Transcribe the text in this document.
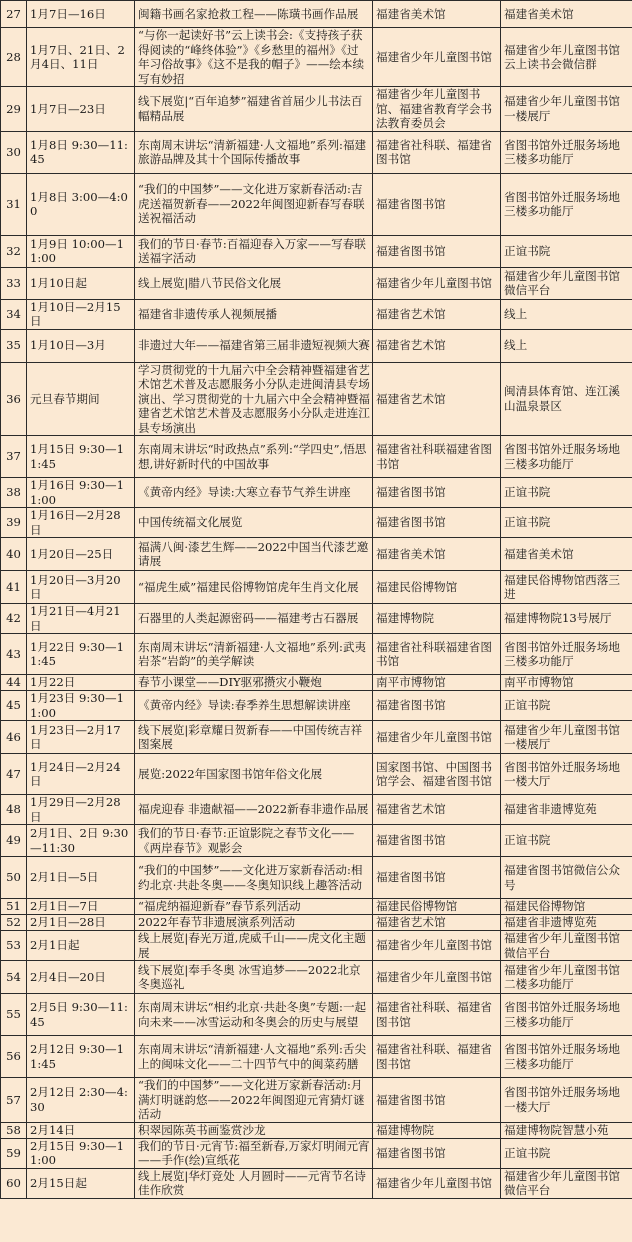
27	1月7日—16日	闽籍书画名家抢救工程——陈璜书画作品展	福建省美术馆	福建省美术馆
28	1月7日、21日、2月4日、11日	“与你一起读好书”云上读书会:《支持孩子获得阅读的“峰终体验”》《乡愁里的福州》《过年习俗故事》《这不是我的帽子》——绘本续写有妙招	福建省少年儿童图书馆	福建省少年儿童图书馆云上读书会微信群
29	1月7日—23日	线下展览|“百年追梦”福建省首届少儿书法百幅精品展	福建省少年儿童图书馆、福建省教育学会书法教育委员会	福建省少年儿童图书馆一楼展厅
30	1月8日 9:30—11:45	东南周末讲坛“清新福建·人文福地”系列:福建旅游品牌及其十个国际传播故事	福建省社科联、福建省图书馆	省图书馆外迁服务场地三楼多功能厅
31	1月8日 3:00—4:00	“我们的中国梦”——文化进万家新春活动:吉虎送福贺新春——2022年闽图迎新春写春联送祝福活动	福建省图书馆	省图书馆外迁服务场地三楼多功能厅
32	1月9日 10:00—11:00	我们的节日·春节:百福迎春入万家——写春联送福字活动	福建省图书馆	正谊书院
33	1月10日起	线上展览|腊八节民俗文化展	福建省少年儿童图书馆	福建省少年儿童图书馆微信平台
34	1月10日—2月15日	福建省非遗传承人视频展播	福建省艺术馆	线上
35	1月10日—3月	非遗过大年——福建省第三届非遗短视频大赛	福建省艺术馆	线上
36	元旦春节期间	学习贯彻党的十九届六中全会精神暨福建省艺术馆艺术普及志愿服务小分队走进闽清县专场演出、学习贯彻党的十九届六中全会精神暨福建省艺术馆艺术普及志愿服务小分队走进连江县专场演出	福建省艺术馆	闽清县体育馆、连江溪山温泉景区
37	1月15日 9:30—11:45	东南周末讲坛“时政热点”系列:“学四史”,悟思想,讲好新时代的中国故事	福建省社科联福建省图书馆	省图书馆外迁服务场地三楼多功能厅
38	1月16日 9:30—11:00	《黄帝内经》导读:大寒立春节气养生讲座	福建省图书馆	正谊书院
39	1月16日—2月28日	中国传统福文化展览	福建省图书馆	正谊书院
40	1月20日—25日	福满八闽·漆艺生辉——2022中国当代漆艺邀请展	福建省美术馆	福建省美术馆
41	1月20日—3月20日	“福虎生威”福建民俗博物馆虎年生肖文化展	福建民俗博物馆	福建民俗博物馆西落三进
42	1月21日—4月21日	石器里的人类起源密码——福建考古石器展	福建博物院	福建博物院13号展厅
43	1月22日 9:30—11:45	东南周末讲坛“清新福建·人文福地”系列:武夷岩茶“岩韵”的美学解读	福建省社科联福建省图书馆	省图书馆外迁服务场地三楼多功能厅
44	1月22日	春节小课堂——DIY驱邪攒灾小鞭炮	南平市博物馆	南平市博物馆
45	1月23日 9:30—11:00	《黄帝内经》导读:春季养生思想解读讲座	福建省图书馆	正谊书院
46	1月23日—2月17日	线下展览|彩章耀日贺新春——中国传统吉祥图案展	福建省少年儿童图书馆	福建省少年儿童图书馆一楼展厅
47	1月24日—2月24日	展览:2022年国家图书馆年俗文化展	国家图书馆、中国图书馆学会、福建省图书馆	省图书馆外迁服务场地一楼大厅
48	1月29日—2月28日	福虎迎春 非遗献福——2022新春非遗作品展	福建省艺术馆	福建省非遗博览苑
49	2月1日、2日 9:30—11:30	我们的节日·春节:正谊影院之春节文化——《两岸春节》观影会	福建省图书馆	正谊书院
50	2月1日—5日	“我们的中国梦”——文化进万家新春活动:相约北京·共赴冬奥——冬奥知识线上趣答活动	福建省图书馆	福建省图书馆微信公众号
51	2月1日—7日	“福虎纳福迎新春”春节系列活动	福建民俗博物馆	福建民俗博物馆
52	2月1日—28日	2022年春节非遗展演系列活动	福建省艺术馆	福建省非遗博览苑
53	2月1日起	线上展览|春光万道,虎威千山——虎文化主题展	福建省少年儿童图书馆	福建省少年儿童图书馆微信平台
54	2月4日—20日	线下展览|奉手冬奥 冰雪追梦——2022北京冬奥巡礼	福建省少年儿童图书馆	福建省少年儿童图书馆二楼多功能厅
55	2月5日 9:30—11:45	东南周末讲坛“相约北京·共赴冬奥”专题:一起向未来——冰雪运动和冬奥会的历史与展望	福建省社科联、福建省图书馆	省图书馆外迁服务场地三楼多功能厅
56	2月12日 9:30—11:45	东南周末讲坛“清新福建·人文福地”系列:舌尖上的闽味文化——二十四节气中的闽菜药膳	福建省社科联、福建省图书馆	省图书馆外迁服务场地三楼多功能厅
57	2月12日 2:30—4:30	“我们的中国梦”——文化进万家新春活动:月满灯明谜韵悠——2022年闽图迎元宵猜灯谜活动	福建省图书馆	省图书馆外迁服务场地一楼大厅
58	2月14日	积翠园陈英书画鉴赏沙龙	福建博物院	福建博物院智慧小苑
59	2月15日 9:30—11:00	我们的节日·元宵节:福至新春,万家灯明闹元宵——手作(绘)宣纸花	福建省图书馆	正谊书院
60	2月15日起	线上展览|华灯竞处 人月圆时——元宵节名诗佳作欣赏	福建省少年儿童图书馆	福建省少年儿童图书馆微信平台
